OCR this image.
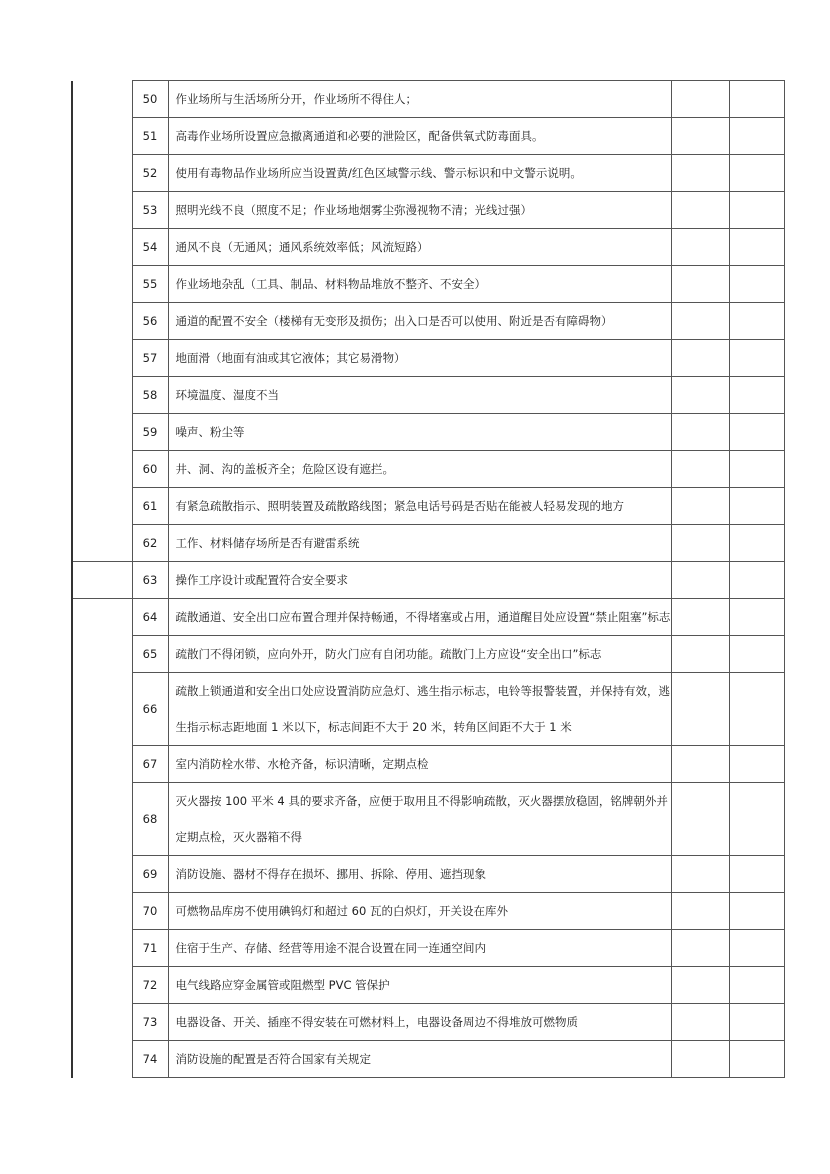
	50	作业场所与生活场所分开，作业场所不得住人；		
	51	高毒作业场所设置应急撤离通道和必要的泄险区，配备供氧式防毒面具。		
	52	使用有毒物品作业场所应当设置黄/红色区域警示线、警示标识和中文警示说明。		
	53	照明光线不良（照度不足；作业场地烟雾尘弥漫视物不清；光线过强）		
	54	通风不良（无通风；通风系统效率低；风流短路）		
	55	作业场地杂乱（工具、制品、材料物品堆放不整齐、不安全）		
	56	通道的配置不安全（楼梯有无变形及损伤；出入口是否可以使用、附近是否有障碍物）		
	57	地面滑（地面有油或其它液体；其它易滑物）		
	58	环境温度、湿度不当		
	59	噪声、粉尘等		
	60	井、洞、沟的盖板齐全；危险区设有遮拦。		
	61	有紧急疏散指示、照明装置及疏散路线图；紧急电话号码是否贴在能被人轻易发现的地方		
	62	工作、材料储存场所是否有避雷系统		
	63	操作工序设计或配置符合安全要求		
	64	疏散通道、安全出口应布置合理并保持畅通，不得堵塞或占用，通道醒目处应设置“禁止阻塞”标志		
	65	疏散门不得闭锁，应向外开，防火门应有自闭功能。疏散门上方应设“安全出口”标志		
	66	疏散上锁通道和安全出口处应设置消防应急灯、逃生指示标志，电铃等报警装置，并保持有效，逃生指示标志距地面 1 米以下，标志间距不大于 20 米，转角区间距不大于 1 米		
	67	室内消防栓水带、水枪齐备，标识清晰，定期点检		
	68	灭火器按 100 平米 4 具的要求齐备，应便于取用且不得影响疏散，灭火器摆放稳固，铭牌朝外并定期点检，灭火器箱不得		
	69	消防设施、器材不得存在损坏、挪用、拆除、停用、遮挡现象		
	70	可燃物品库房不使用碘钨灯和超过 60 瓦的白炽灯，开关设在库外		
	71	住宿于生产、存储、经营等用途不混合设置在同一连通空间内		
	72	电气线路应穿金属管或阻燃型 PVC 管保护		
	73	电器设备、开关、插座不得安装在可燃材料上，电器设备周边不得堆放可燃物质		
	74	消防设施的配置是否符合国家有关规定		
